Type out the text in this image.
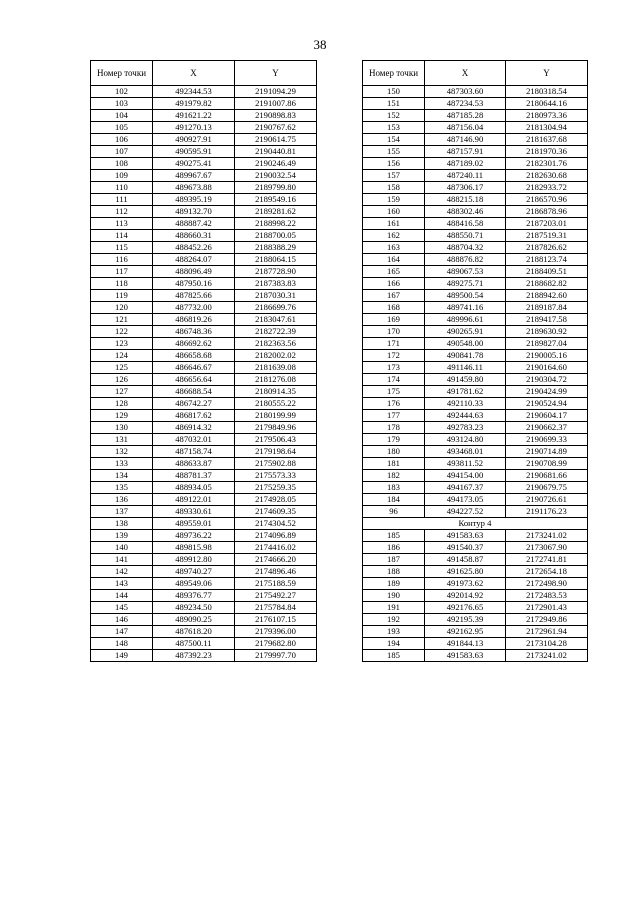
38
Номер точки	X	Y
102	492344.53	2191094.29
103	491979.82	2191007.86
104	491621.22	2190898.83
105	491270.13	2190767.62
106	490927.91	2190614.75
107	490595.91	2190440.81
108	490275.41	2190246.49
109	489967.67	2190032.54
110	489673.88	2189799.80
111	489395.19	2189549.16
112	489132.70	2189281.62
113	488887.42	2188998.22
114	488660.31	2188700.05
115	488452.26	2188388.29
116	488264.07	2188064.15
117	488096.49	2187728.90
118	487950.16	2187383.83
119	487825.66	2187030.31
120	487732.00	2186699.76
121	486819.26	2183047.61
122	486748.36	2182722.39
123	486692.62	2182363.56
124	486658.68	2182002.02
125	486646.67	2181639.08
126	486656.64	2181276.08
127	486688.54	2180914.35
128	486742.27	2180555.22
129	486817.62	2180199.99
130	486914.32	2179849.96
131	487032.01	2179506.43
132	487158.74	2179198.64
133	488633.87	2175902.88
134	488781.37	2175573.33
135	488934.05	2175259.35
136	489122.01	2174928.05
137	489330.61	2174609.35
138	489559.01	2174304.52
139	489736.22	2174096.89
140	489815.98	2174416.02
141	489912.80	2174666.20
142	489740.27	2174896.46
143	489549.06	2175188.59
144	489376.77	2175492.27
145	489234.50	2175784.84
146	489090.25	2176107.15
147	487618.20	2179396.00
148	487500.11	2179682.80
149	487392.23	2179997.70
Номер точки	X	Y
150	487303.60	2180318.54
151	487234.53	2180644.16
152	487185.28	2180973.36
153	487156.04	2181304.94
154	487146.90	2181637.68
155	487157.91	2181970.36
156	487189.02	2182301.76
157	487240.11	2182630.68
158	487306.17	2182933.72
159	488215.18	2186570.96
160	488302.46	2186878.96
161	488416.58	2187203.01
162	488550.71	2187519.31
163	488704.32	2187826.62
164	488876.82	2188123.74
165	489067.53	2188409.51
166	489275.71	2188682.82
167	489500.54	2188942.60
168	489741.16	2189187.84
169	489996.61	2189417.58
170	490265.91	2189630.92
171	490548.00	2189827.04
172	490841.78	2190005.16
173	491146.11	2190164.60
174	491459.80	2190304.72
175	491781.62	2190424.99
176	492110.33	2190524.94
177	492444.63	2190604.17
178	492783.23	2190662.37
179	493124.80	2190699.33
180	493468.01	2190714.89
181	493811.52	2190708.99
182	494154.00	2190681.66
183	494167.37	2190679.75
184	494173.05	2190726.61
96	494227.52	2191176.23
Контур 4		
185	491583.63	2173241.02
186	491540.37	2173067.90
187	491458.87	2172741.81
188	491625.80	2172654.18
189	491973.62	2172498.90
190	492014.92	2172483.53
191	492176.65	2172901.43
192	492195.39	2172949.86
193	492162.95	2172961.94
194	491844.13	2173104.28
185	491583.63	2173241.02
